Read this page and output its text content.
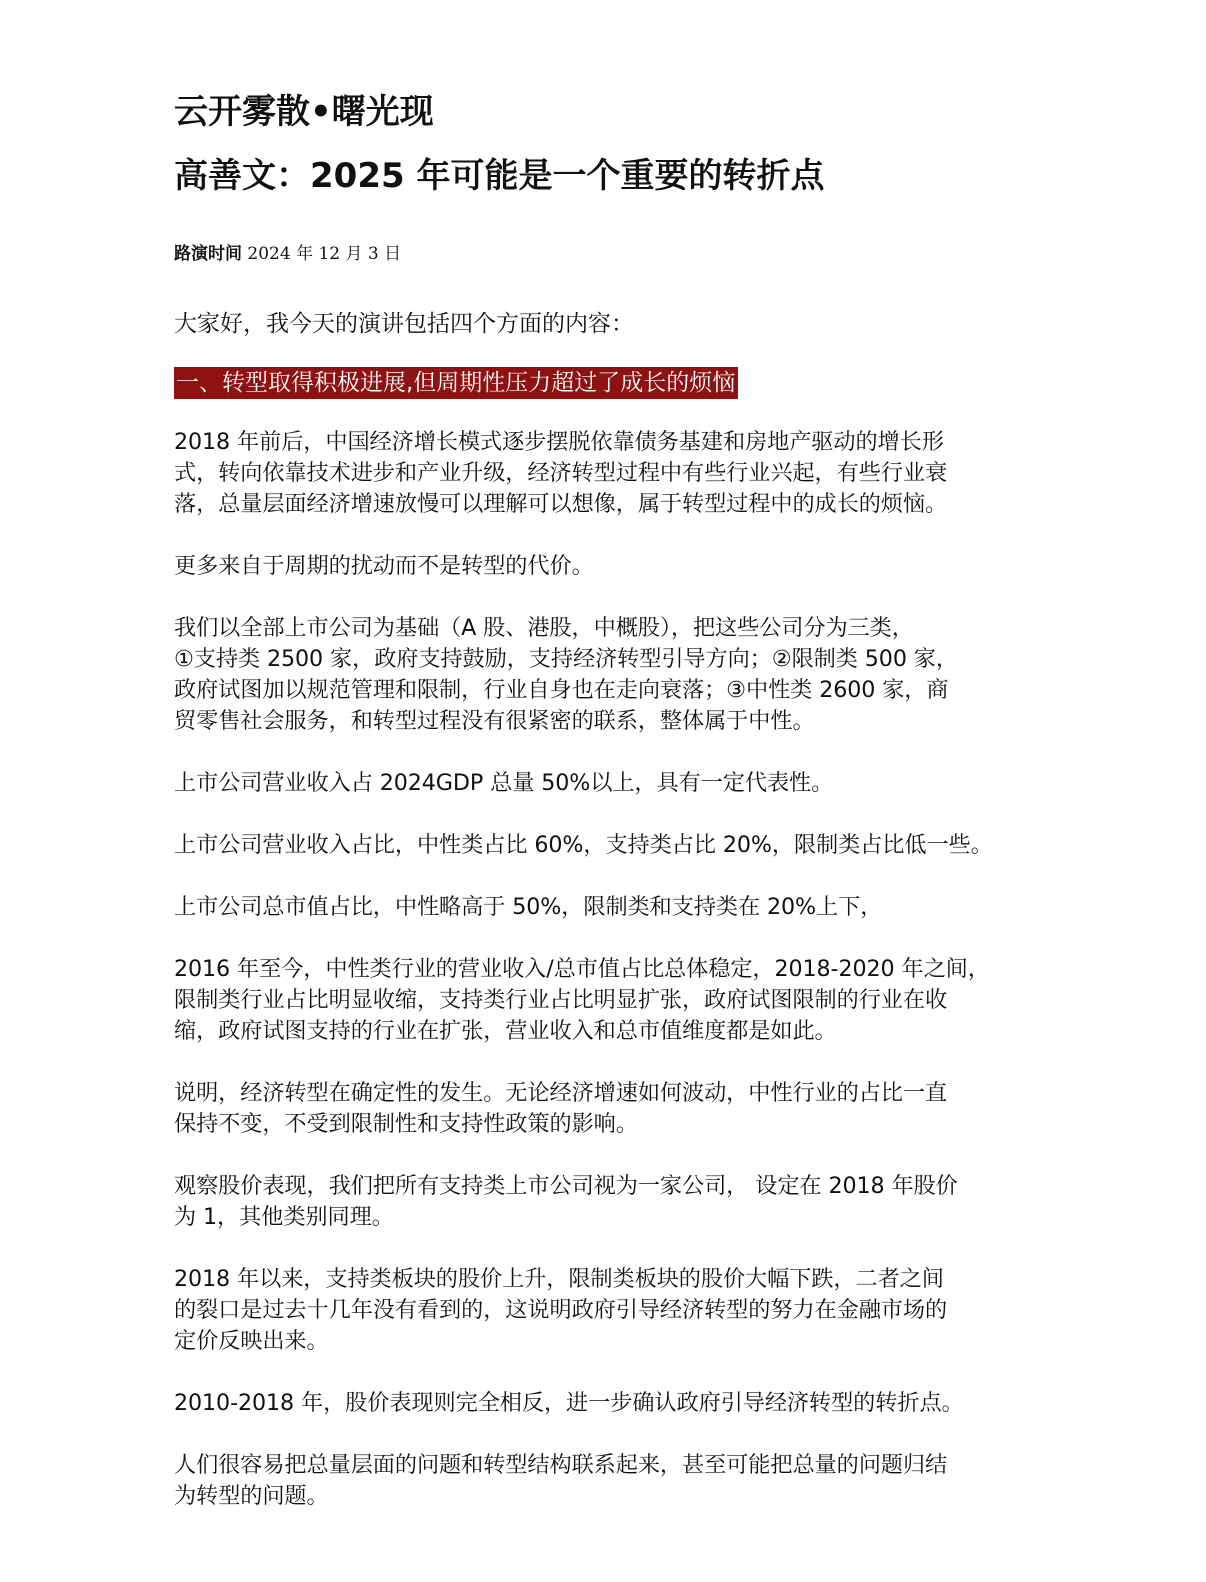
云开雾散•曙光现
高善文：2025 年可能是一个重要的转折点
路演时间 2024 年 12 月 3 日
大家好，我今天的演讲包括四个方面的内容：
一、转型取得积极进展,但周期性压力超过了成长的烦恼

2018 年前后，中国经济增长模式逐步摆脱依靠债务基建和房地产驱动的增长形
式，转向依靠技术进步和产业升级，经济转型过程中有些行业兴起，有些行业衰
落，总量层面经济增速放慢可以理解可以想像，属于转型过程中的成长的烦恼。

更多来自于周期的扰动而不是转型的代价。

我们以全部上市公司为基础（A 股、港股，中概股），把这些公司分为三类，
①支持类 2500 家，政府支持鼓励，支持经济转型引导方向；②限制类 500 家，
政府试图加以规范管理和限制，行业自身也在走向衰落；③中性类 2600 家，商
贸零售社会服务，和转型过程没有很紧密的联系，整体属于中性。

上市公司营业收入占 2024GDP 总量 50%以上，具有一定代表性。

上市公司营业收入占比，中性类占比 60%，支持类占比 20%，限制类占比低一些。

上市公司总市值占比，中性略高于 50%，限制类和支持类在 20%上下，

2016 年至今，中性类行业的营业收入/总市值占比总体稳定，2018-2020 年之间，
限制类行业占比明显收缩，支持类行业占比明显扩张，政府试图限制的行业在收
缩，政府试图支持的行业在扩张，营业收入和总市值维度都是如此。

说明，经济转型在确定性的发生。无论经济增速如何波动，中性行业的占比一直
保持不变，不受到限制性和支持性政策的影响。

观察股价表现，我们把所有支持类上市公司视为一家公司， 设定在 2018 年股价
为 1，其他类别同理。

2018 年以来，支持类板块的股价上升，限制类板块的股价大幅下跌，二者之间
的裂口是过去十几年没有看到的，这说明政府引导经济转型的努力在金融市场的
定价反映出来。

2010-2018 年，股价表现则完全相反，进一步确认政府引导经济转型的转折点。

人们很容易把总量层面的问题和转型结构联系起来，甚至可能把总量的问题归结
为转型的问题。
